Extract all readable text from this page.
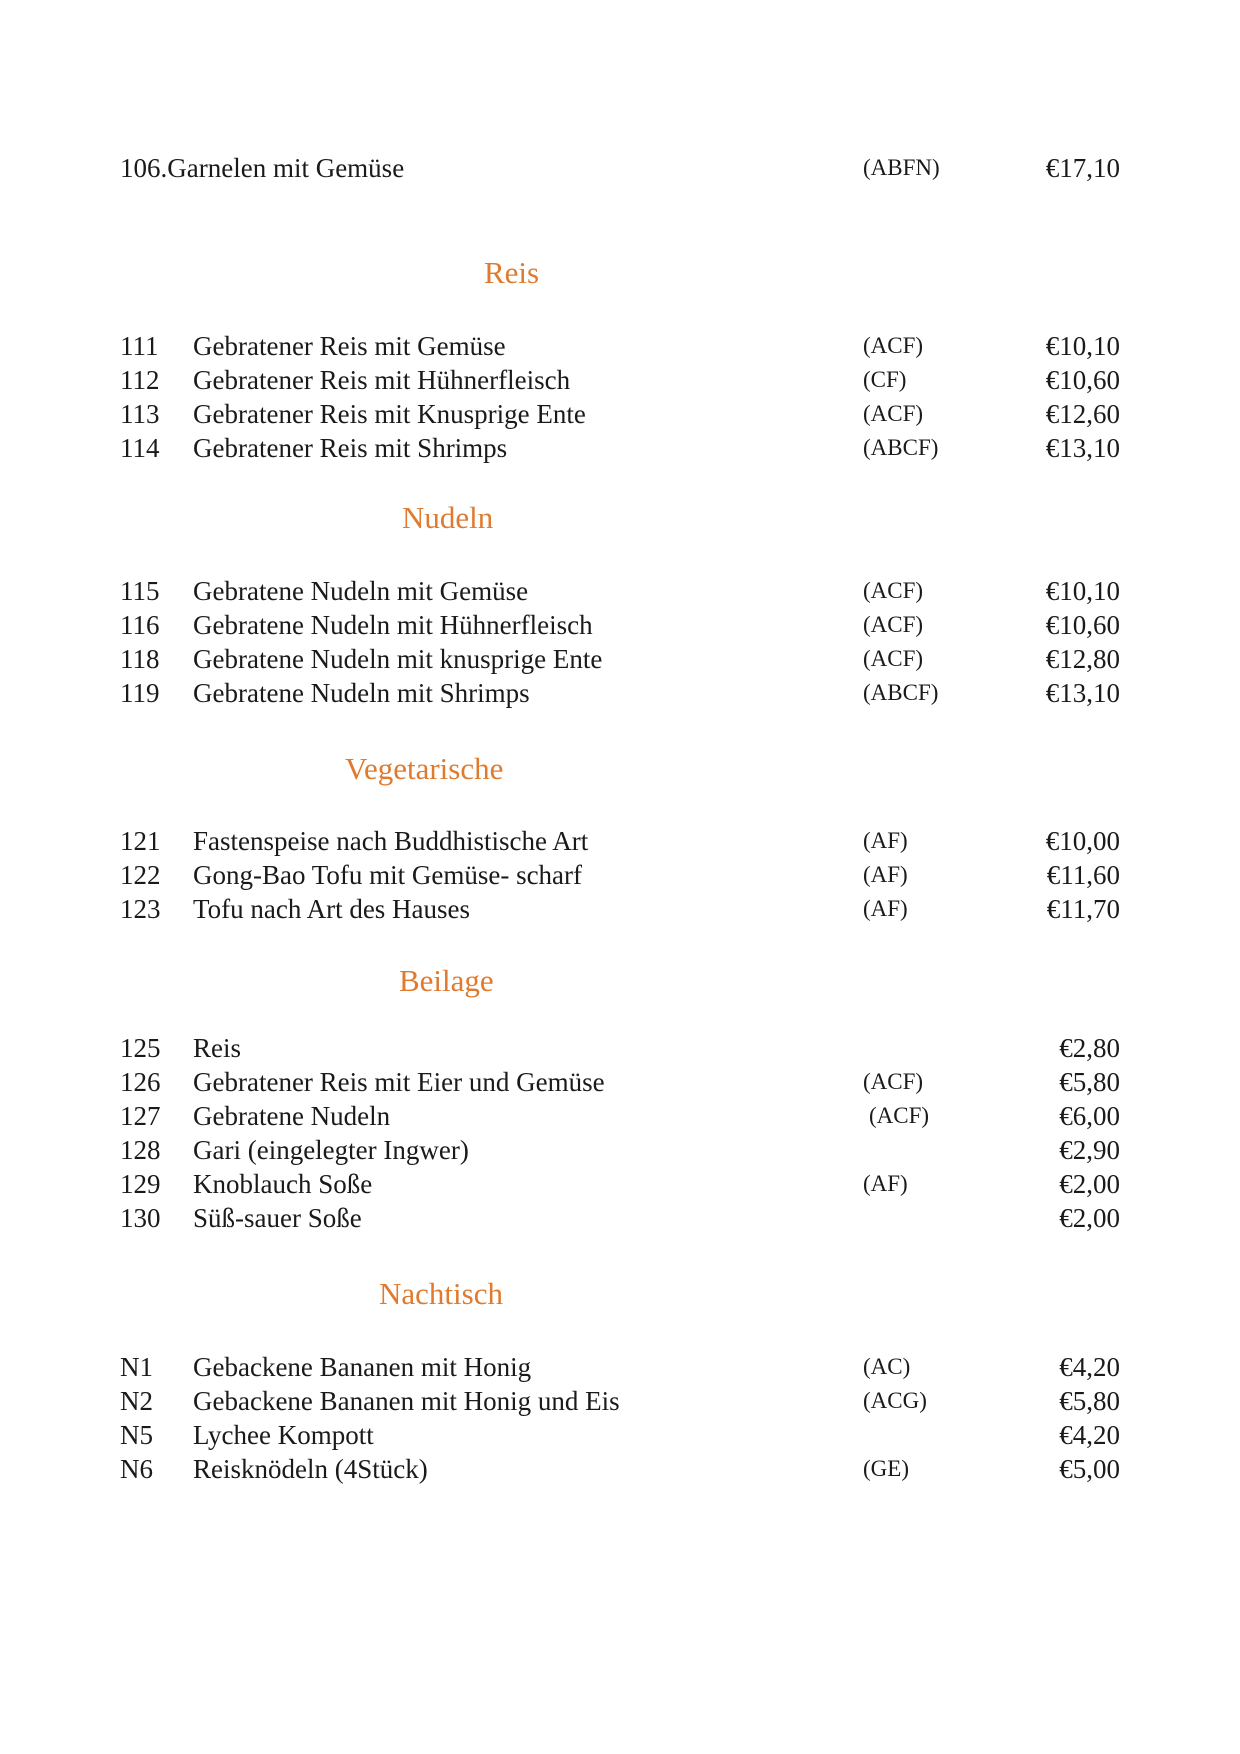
106.Garnelen mit Gemüse	(ABFN)	€17,10
Reis
111 Gebratener Reis mit Gemüse	(ACF)	€10,10
112 Gebratener Reis mit Hühnerfleisch	(CF)	€10,60
113 Gebratener Reis mit Knusprige Ente	(ACF)	€12,60
114 Gebratener Reis mit Shrimps	(ABCF)	€13,10
Nudeln
115 Gebratene Nudeln mit Gemüse	(ACF)	€10,10
116 Gebratene Nudeln mit Hühnerfleisch	(ACF)	€10,60
118 Gebratene Nudeln mit knusprige Ente	(ACF)	€12,80
119 Gebratene Nudeln mit Shrimps	(ABCF)	€13,10
Vegetarische
121 Fastenspeise nach Buddhistische Art	(AF)	€10,00
122 Gong-Bao Tofu mit Gemüse- scharf	(AF)	€11,60
123 Tofu nach Art des Hauses	(AF)	€11,70
Beilage
125 Reis	€2,80
126 Gebratener Reis mit Eier und Gemüse	(ACF)	€5,80
127 Gebratene Nudeln	(ACF)	€6,00
128 Gari (eingelegter Ingwer)	€2,90
129 Knoblauch Soße	(AF)	€2,00
130 Süß-sauer Soße	€2,00
Nachtisch
N1 Gebackene Bananen mit Honig	(AC)	€4,20
N2 Gebackene Bananen mit Honig und Eis	(ACG)	€5,80
N5 Lychee Kompott	€4,20
N6 Reisknödeln (4Stück)	(GE)	€5,00
